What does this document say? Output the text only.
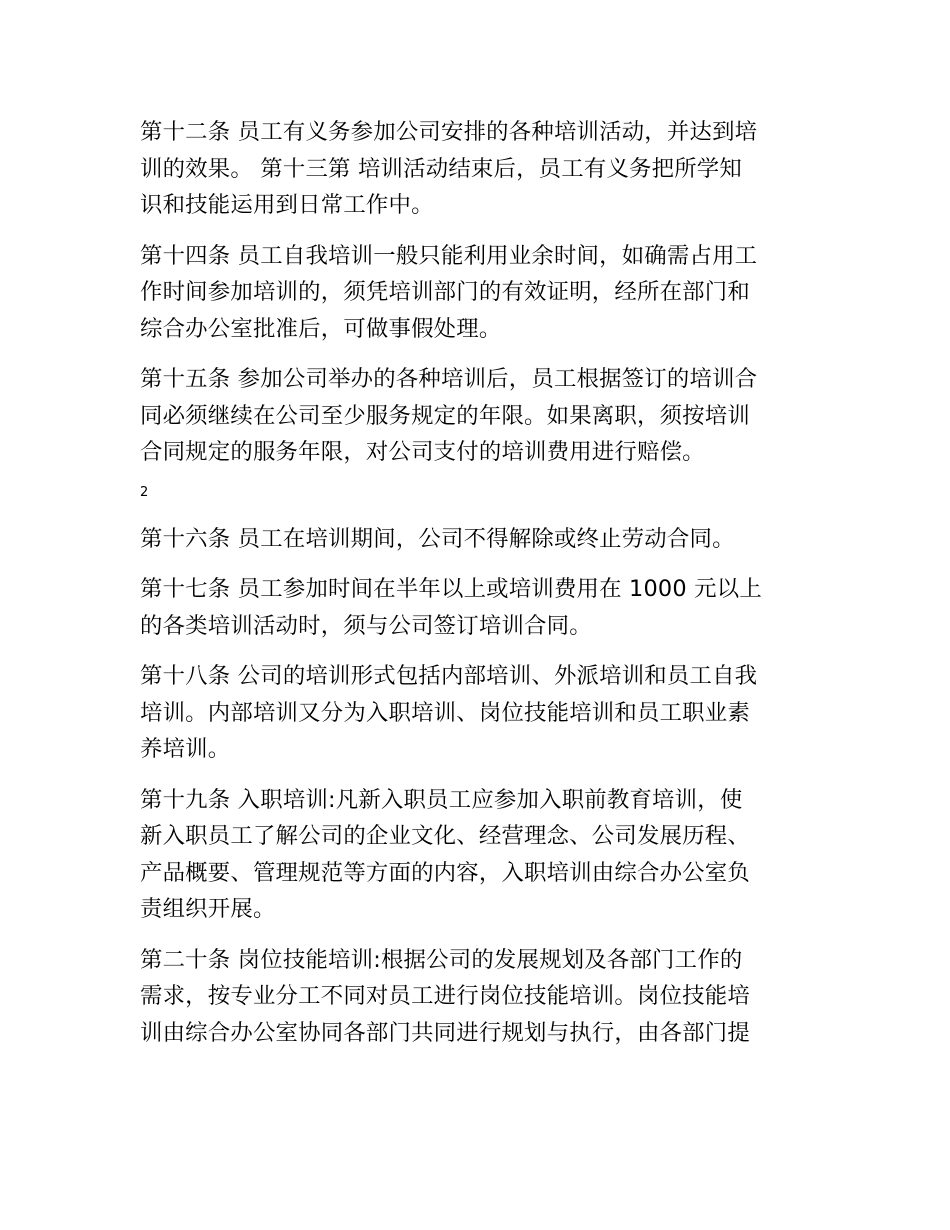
第十二条 员工有义务参加公司安排的各种培训活动，并达到培
训的效果。 第十三第 培训活动结束后，员工有义务把所学知
识和技能运用到日常工作中。
第十四条 员工自我培训一般只能利用业余时间，如确需占用工
作时间参加培训的，须凭培训部门的有效证明，经所在部门和
综合办公室批准后，可做事假处理。
第十五条 参加公司举办的各种培训后，员工根据签订的培训合
同必须继续在公司至少服务规定的年限。如果离职，须按培训
合同规定的服务年限，对公司支付的培训费用进行赔偿。
2
第十六条 员工在培训期间，公司不得解除或终止劳动合同。
第十七条 员工参加时间在半年以上或培训费用在 1000 元以上
的各类培训活动时，须与公司签订培训合同。
第十八条 公司的培训形式包括内部培训、外派培训和员工自我
培训。内部培训又分为入职培训、岗位技能培训和员工职业素
养培训。
第十九条 入职培训:凡新入职员工应参加入职前教育培训，使
新入职员工了解公司的企业文化、经营理念、公司发展历程、
产品概要、管理规范等方面的内容，入职培训由综合办公室负
责组织开展。
第二十条 岗位技能培训:根据公司的发展规划及各部门工作的
需求，按专业分工不同对员工进行岗位技能培训。岗位技能培
训由综合办公室协同各部门共同进行规划与执行，由各部门提
